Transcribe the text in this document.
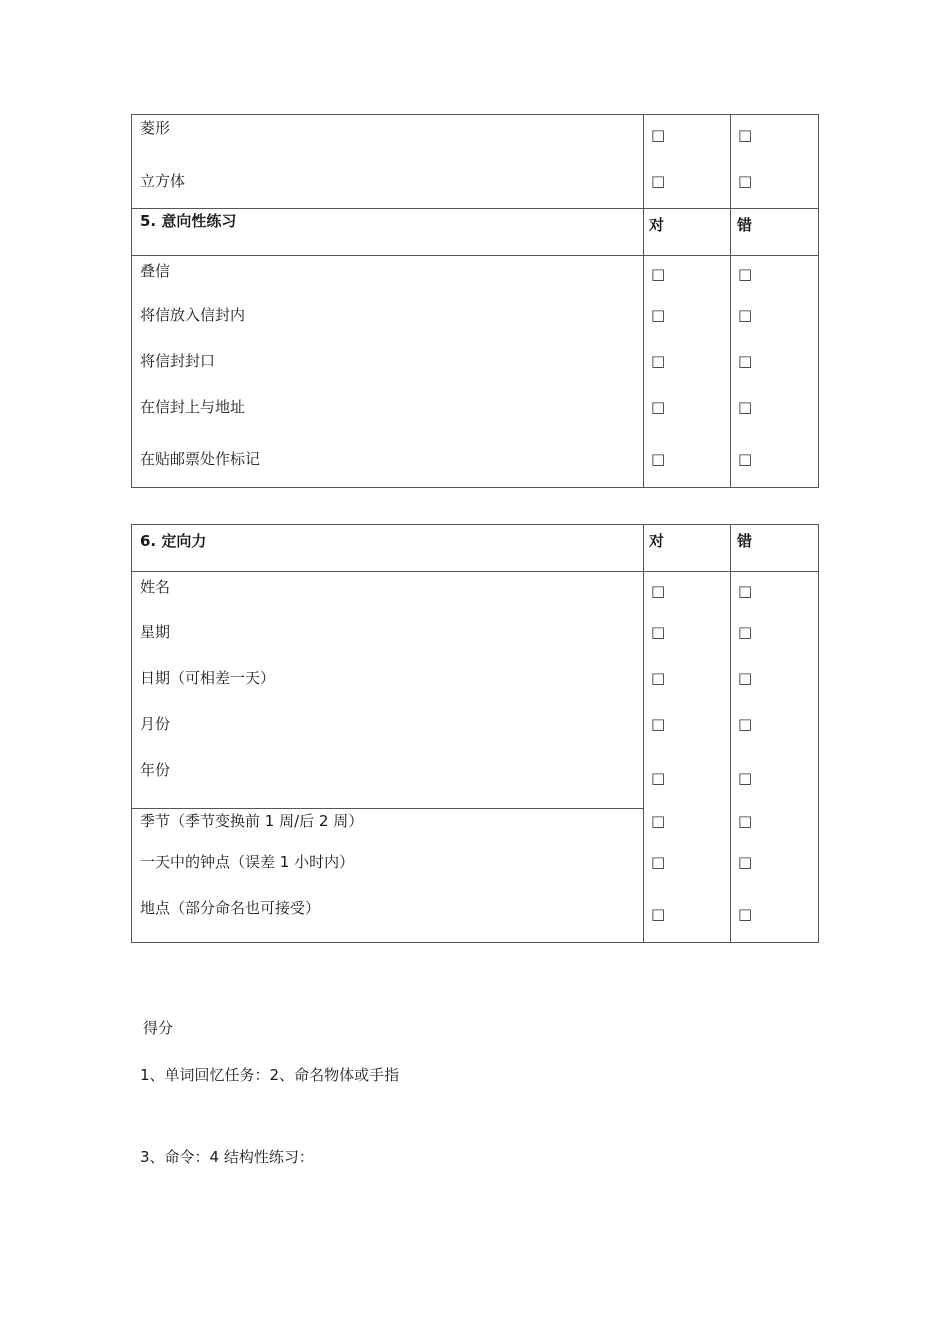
菱形	□	□
立方体	□	□
5. 意向性练习	对	错
叠信	□	□
将信放入信封内	□	□
将信封封口	□	□
在信封上与地址	□	□
在贴邮票处作标记	□	□
6. 定向力	对	错
姓名	□	□
星期	□	□
日期（可相差一天）	□	□
月份	□	□
年份	□	□
季节（季节变换前 1 周/后 2 周）	□	□
一天中的钟点（误差 1 小时内）	□	□
地点（部分命名也可接受）	□	□
得分
1、单词回忆任务：2、命名物体或手指
3、命令：4 结构性练习：
